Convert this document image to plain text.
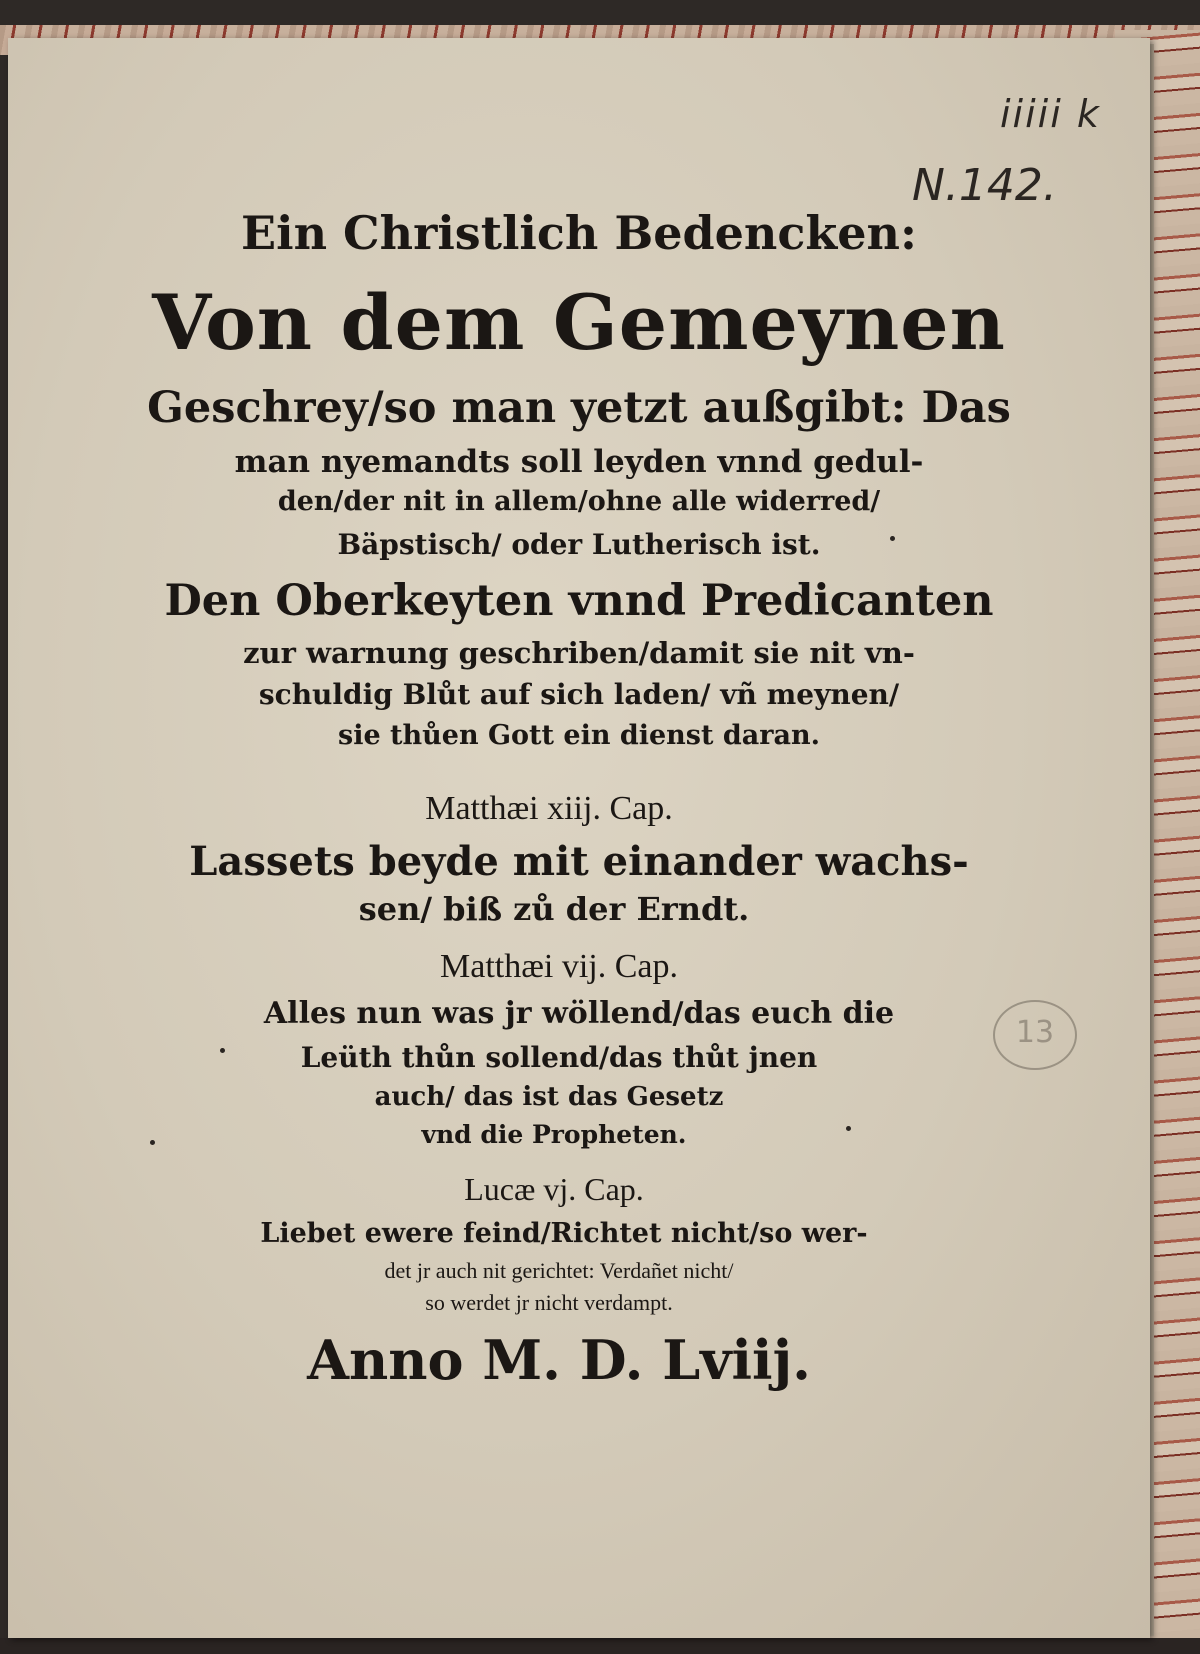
Ein Christlich Bedencken:
Von dem Gemeynen
Geschrey/so man yetzt außgibt: Das
man nyemandts soll leyden vnnd gedul-
den/der nit in allem/ohne alle widerred/
Bäpstisch/ oder Lutherisch ist.
Den Oberkeyten vnnd Predicanten
zur warnung geschriben/damit sie nit vn-
schuldig Blůt auf sich laden/ vñ meynen/
sie thůen Gott ein dienst daran.
Matthæi xiij. Cap.
Lassets beyde mit einander wachs-
sen/ biß zů der Erndt.
Matthæi vij. Cap.
Alles nun was jr wöllend/das euch die
Leüth thůn sollend/das thůt jnen
auch/ das ist das Gesetz
vnd die Propheten.
Lucæ vj. Cap.
Liebet ewere feind/Richtet nicht/so wer-
det jr auch nit gerichtet: Verdañet nicht/
so werdet jr nicht verdampt.
Anno M. D. Lviij.
iiiii k
N.142.
13
